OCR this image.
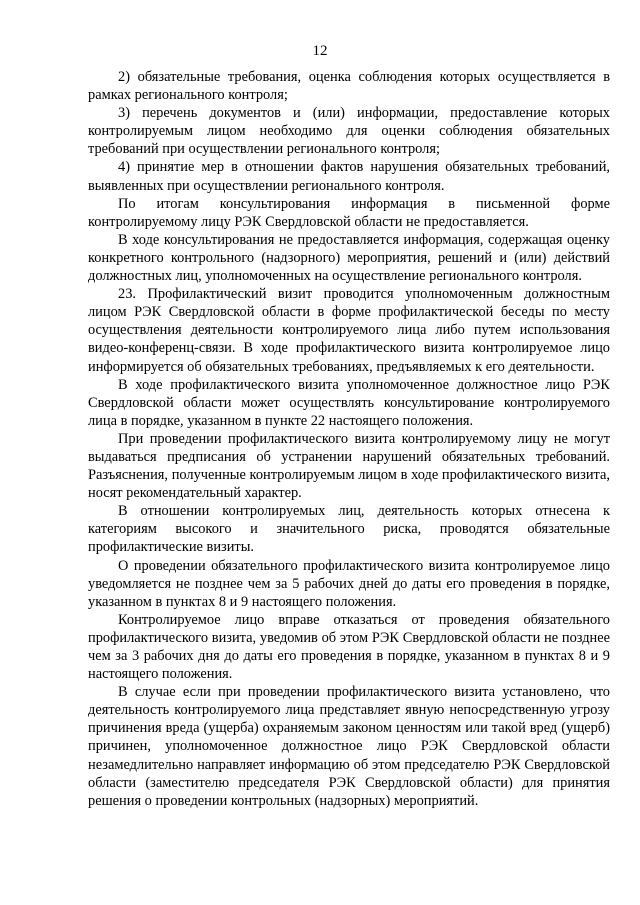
12

2) обязательные требования, оценка соблюдения которых осуществляется в рамках регионального контроля;

3) перечень документов и (или) информации, предоставление которых контролируемым лицом необходимо для оценки соблюдения обязательных требований при осуществлении регионального контроля;

4) принятие мер в отношении фактов нарушения обязательных требований, выявленных при осуществлении регионального контроля.

По итогам консультирования информация в письменной форме контролируемому лицу РЭК Свердловской области не предоставляется.

В ходе консультирования не предоставляется информация, содержащая оценку конкретного контрольного (надзорного) мероприятия, решений и (или) действий должностных лиц, уполномоченных на осуществление регионального контроля.

23. Профилактический визит проводится уполномоченным должностным лицом РЭК Свердловской области в форме профилактической беседы по месту осуществления деятельности контролируемого лица либо путем использования видео-конференц-связи. В ходе профилактического визита контролируемое лицо информируется об обязательных требованиях, предъявляемых к его деятельности.

В ходе профилактического визита уполномоченное должностное лицо РЭК Свердловской области может осуществлять консультирование контролируемого лица в порядке, указанном в пункте 22 настоящего положения.

При проведении профилактического визита контролируемому лицу не могут выдаваться предписания об устранении нарушений обязательных требований. Разъяснения, полученные контролируемым лицом в ходе профилактического визита, носят рекомендательный характер.

В отношении контролируемых лиц, деятельность которых отнесена к категориям высокого и значительного риска, проводятся обязательные профилактические визиты.

О проведении обязательного профилактического визита контролируемое лицо уведомляется не позднее чем за 5 рабочих дней до даты его проведения в порядке, указанном в пунктах 8 и 9 настоящего положения.

Контролируемое лицо вправе отказаться от проведения обязательного профилактического визита, уведомив об этом РЭК Свердловской области не позднее чем за 3 рабочих дня до даты его проведения в порядке, указанном в пунктах 8 и 9 настоящего положения.

В случае если при проведении профилактического визита установлено, что деятельность контролируемого лица представляет явную непосредственную угрозу причинения вреда (ущерба) охраняемым законом ценностям или такой вред (ущерб) причинен, уполномоченное должностное лицо РЭК Свердловской области незамедлительно направляет информацию об этом председателю РЭК Свердловской области (заместителю председателя РЭК Свердловской области) для принятия решения о проведении контрольных (надзорных) мероприятий.
